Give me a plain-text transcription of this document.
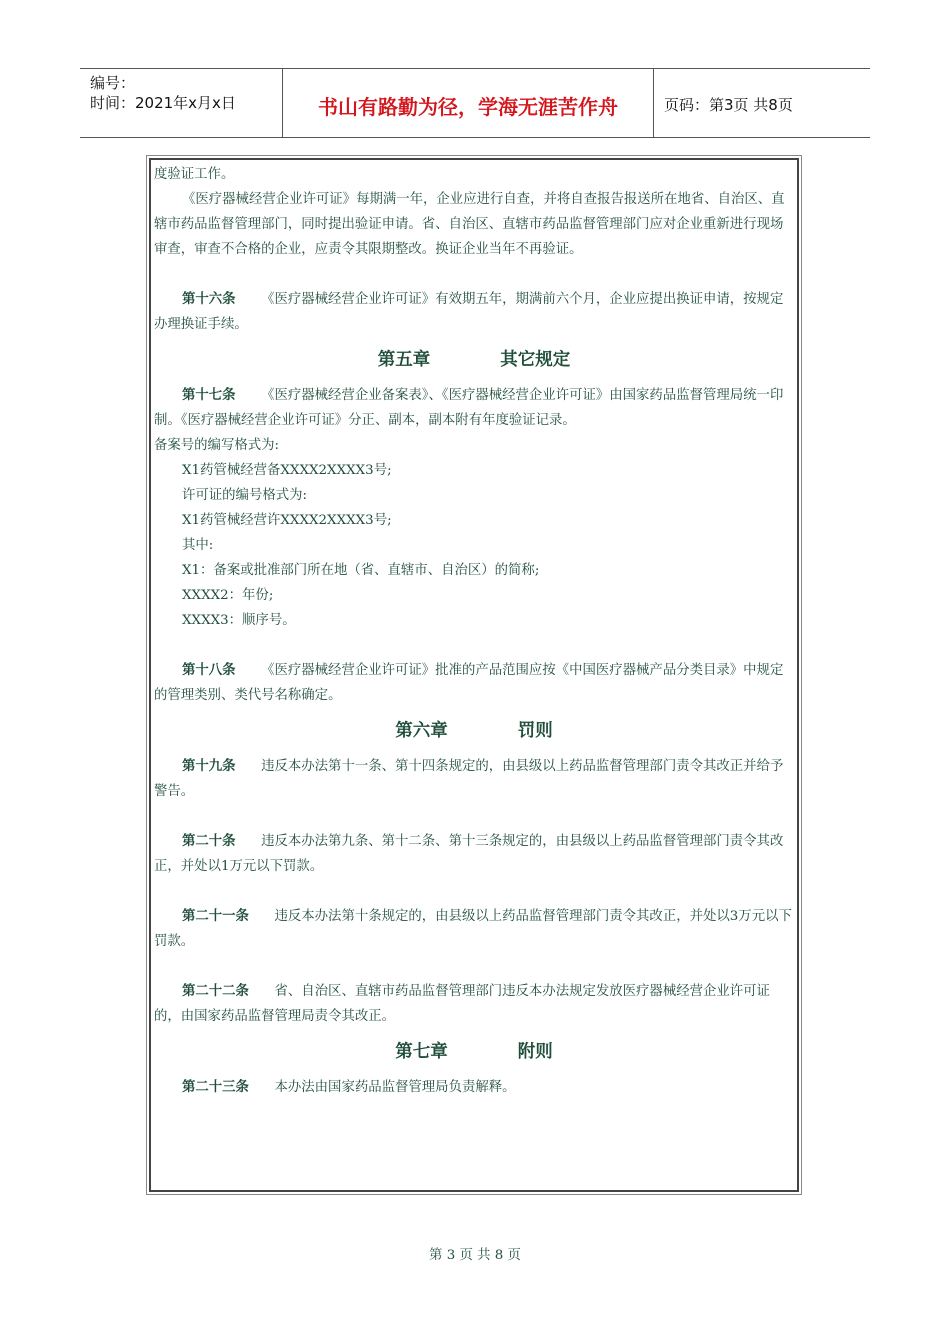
编号：
时间：2021年x月x日	书山有路勤为径，学海无涯苦作舟	页码：第3页 共8页

度验证工作。

《医疗器械经营企业许可证》每期满一年，企业应进行自查，并将自查报告报送所在地省、自治区、直辖市药品监督管理部门，同时提出验证申请。省、自治区、直辖市药品监督管理部门应对企业重新进行现场审查，审查不合格的企业，应责令其限期整改。换证企业当年不再验证。

第十六条 《医疗器械经营企业许可证》有效期五年，期满前六个月，企业应提出换证申请，按规定办理换证手续。

第五章	其它规定

第十七条 《医疗器械经营企业备案表》、《医疗器械经营企业许可证》由国家药品监督管理局统一印制。《医疗器械经营企业许可证》分正、副本，副本附有年度验证记录。

备案号的编写格式为:

X1药管械经营备XXXX2XXXX3号;

许可证的编号格式为:

X1药管械经营许XXXX2XXXX3号;

其中:

X1：备案或批准部门所在地（省、直辖市、自治区）的简称;

XXXX2：年份;

XXXX3：顺序号。

第十八条 《医疗器械经营企业许可证》批准的产品范围应按《中国医疗器械产品分类目录》中规定的管理类别、类代号名称确定。

第六章	罚则

第十九条 违反本办法第十一条、第十四条规定的，由县级以上药品监督管理部门责令其改正并给予警告。

第二十条 违反本办法第九条、第十二条、第十三条规定的，由县级以上药品监督管理部门责令其改正，并处以1万元以下罚款。

第二十一条 违反本办法第十条规定的，由县级以上药品监督管理部门责令其改正，并处以3万元以下罚款。

第二十二条 省、自治区、直辖市药品监督管理部门违反本办法规定发放医疗器械经营企业许可证的，由国家药品监督管理局责令其改正。

第七章	附则

第二十三条 本办法由国家药品监督管理局负责解释。

第 3 页 共 8 页
